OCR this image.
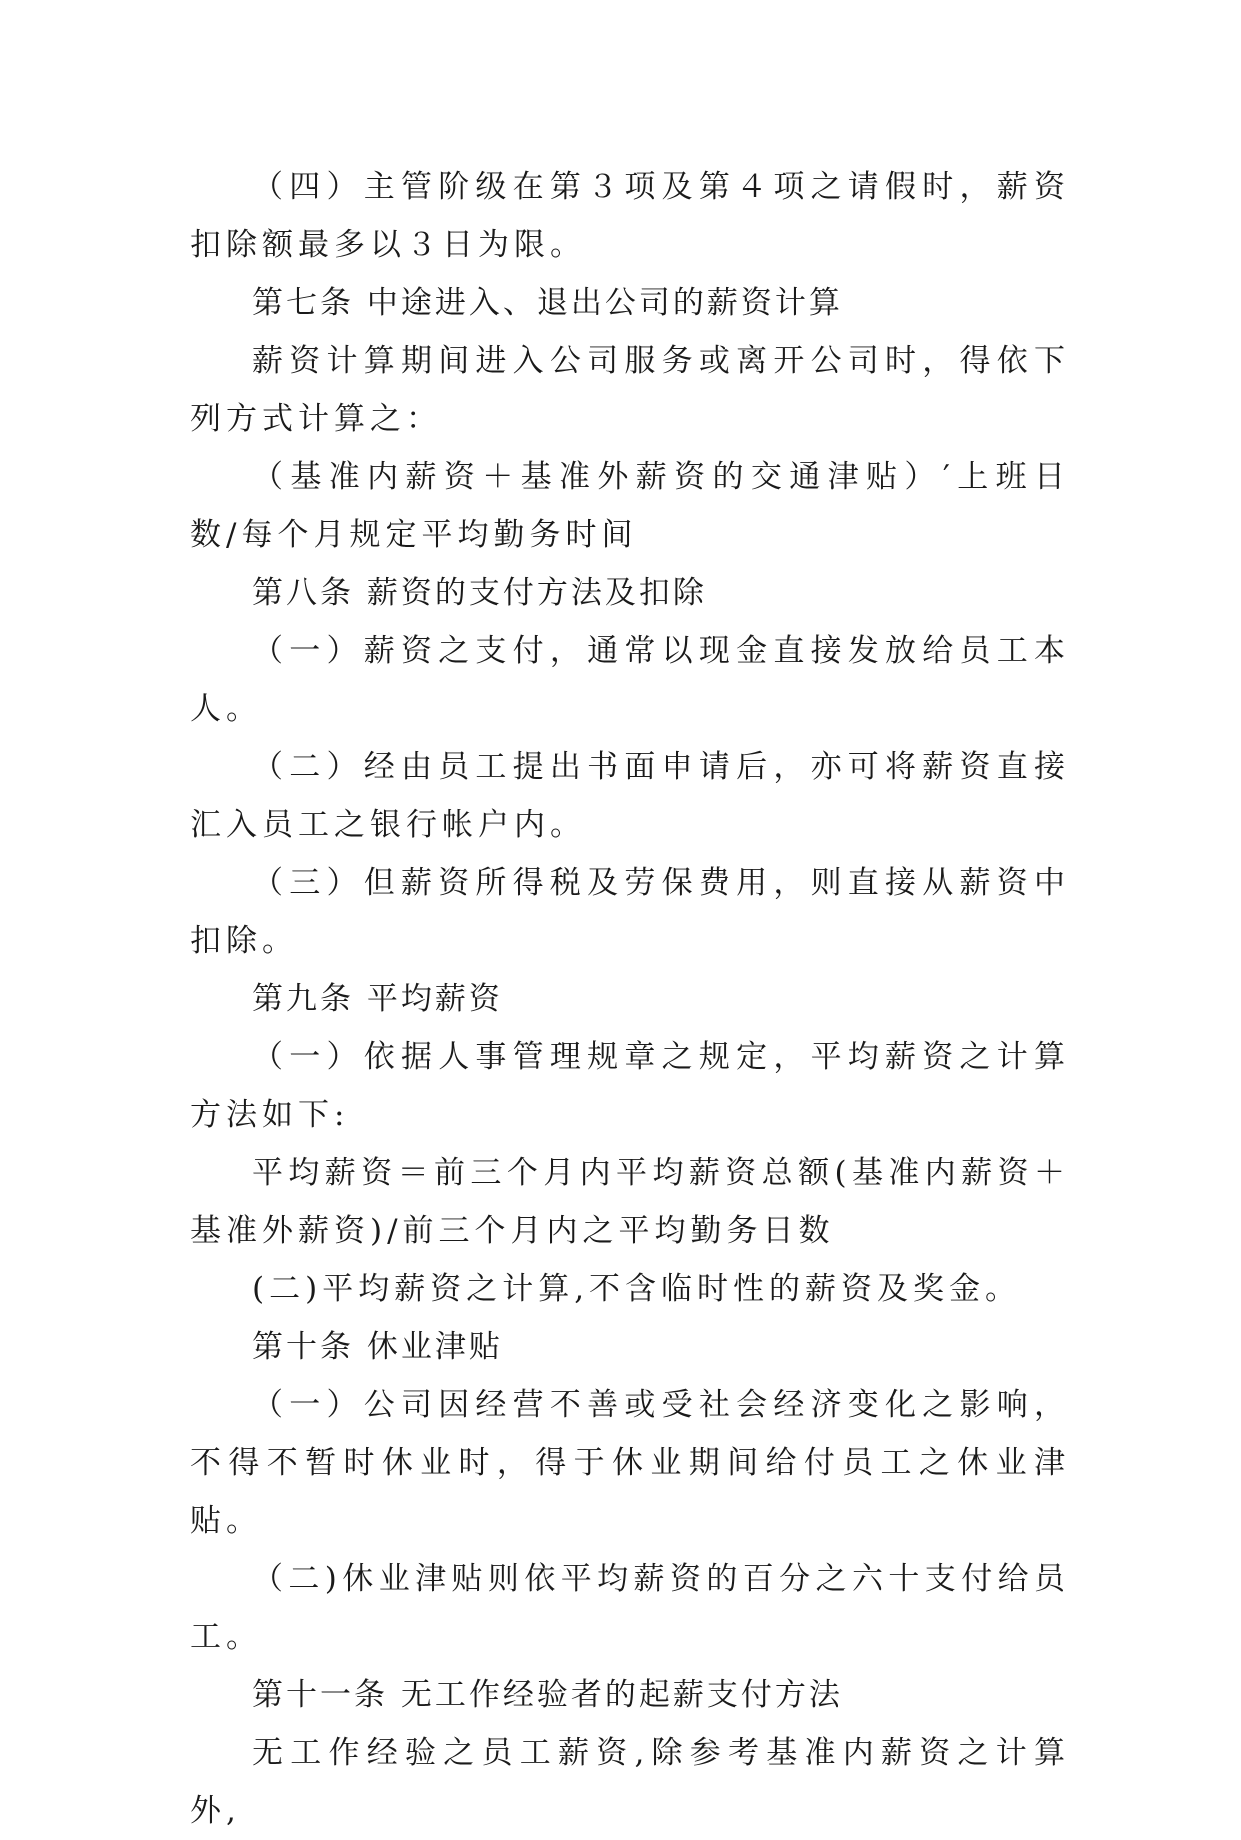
（四）主管阶级在第３项及第４项之请假时，薪资扣除额最多以３日为限。

第七条 中途进入、退出公司的薪资计算

薪资计算期间进入公司服务或离开公司时，得依下列方式计算之：

（基准内薪资＋基准外薪资的交通津贴）′上班日数/每个月规定平均勤务时间

第八条 薪资的支付方法及扣除

（一）薪资之支付，通常以现金直接发放给员工本人。

（二）经由员工提出书面申请后，亦可将薪资直接汇入员工之银行帐户内。

（三）但薪资所得税及劳保费用，则直接从薪资中扣除。

第九条 平均薪资

（一）依据人事管理规章之规定，平均薪资之计算方法如下:

平均薪资＝前三个月内平均薪资总额(基准内薪资＋基准外薪资)/前三个月内之平均勤务日数

(二)平均薪资之计算,不含临时性的薪资及奖金。

第十条 休业津贴

（一）公司因经营不善或受社会经济变化之影响，不得不暂时休业时，得于休业期间给付员工之休业津贴。

（二)休业津贴则依平均薪资的百分之六十支付给员工。

第十一条 无工作经验者的起薪支付方法

无工作经验之员工薪资,除参考基准内薪资之计算外,
